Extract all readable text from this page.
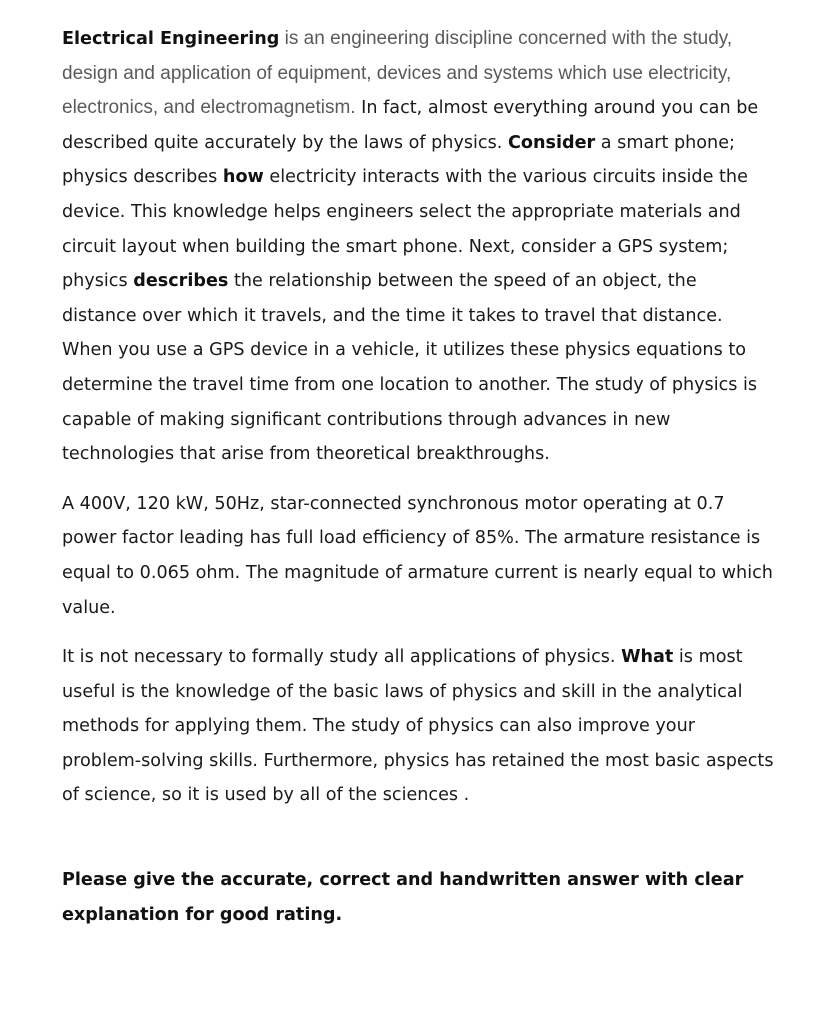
Electrical Engineering is an engineering discipline concerned with the study, design and application of equipment, devices and systems which use electricity, electronics, and electromagnetism. In fact, almost everything around you can be described quite accurately by the laws of physics. Consider a smart phone; physics describes how electricity interacts with the various circuits inside the device. This knowledge helps engineers select the appropriate materials and circuit layout when building the smart phone. Next, consider a GPS system; physics describes the relationship between the speed of an object, the distance over which it travels, and the time it takes to travel that distance. When you use a GPS device in a vehicle, it utilizes these physics equations to determine the travel time from one location to another. The study of physics is capable of making significant contributions through advances in new technologies that arise from theoretical breakthroughs.

A 400V, 120 kW, 50Hz, star-connected synchronous motor operating at 0.7 power factor leading has full load efficiency of 85%. The armature resistance is equal to 0.065 ohm. The magnitude of armature current is nearly equal to which value.

It is not necessary to formally study all applications of physics. What is most useful is the knowledge of the basic laws of physics and skill in the analytical methods for applying them. The study of physics can also improve your problem-solving skills. Furthermore, physics has retained the most basic aspects of science, so it is used by all of the sciences .

Please give the accurate, correct and handwritten answer with clear explanation for good rating.
